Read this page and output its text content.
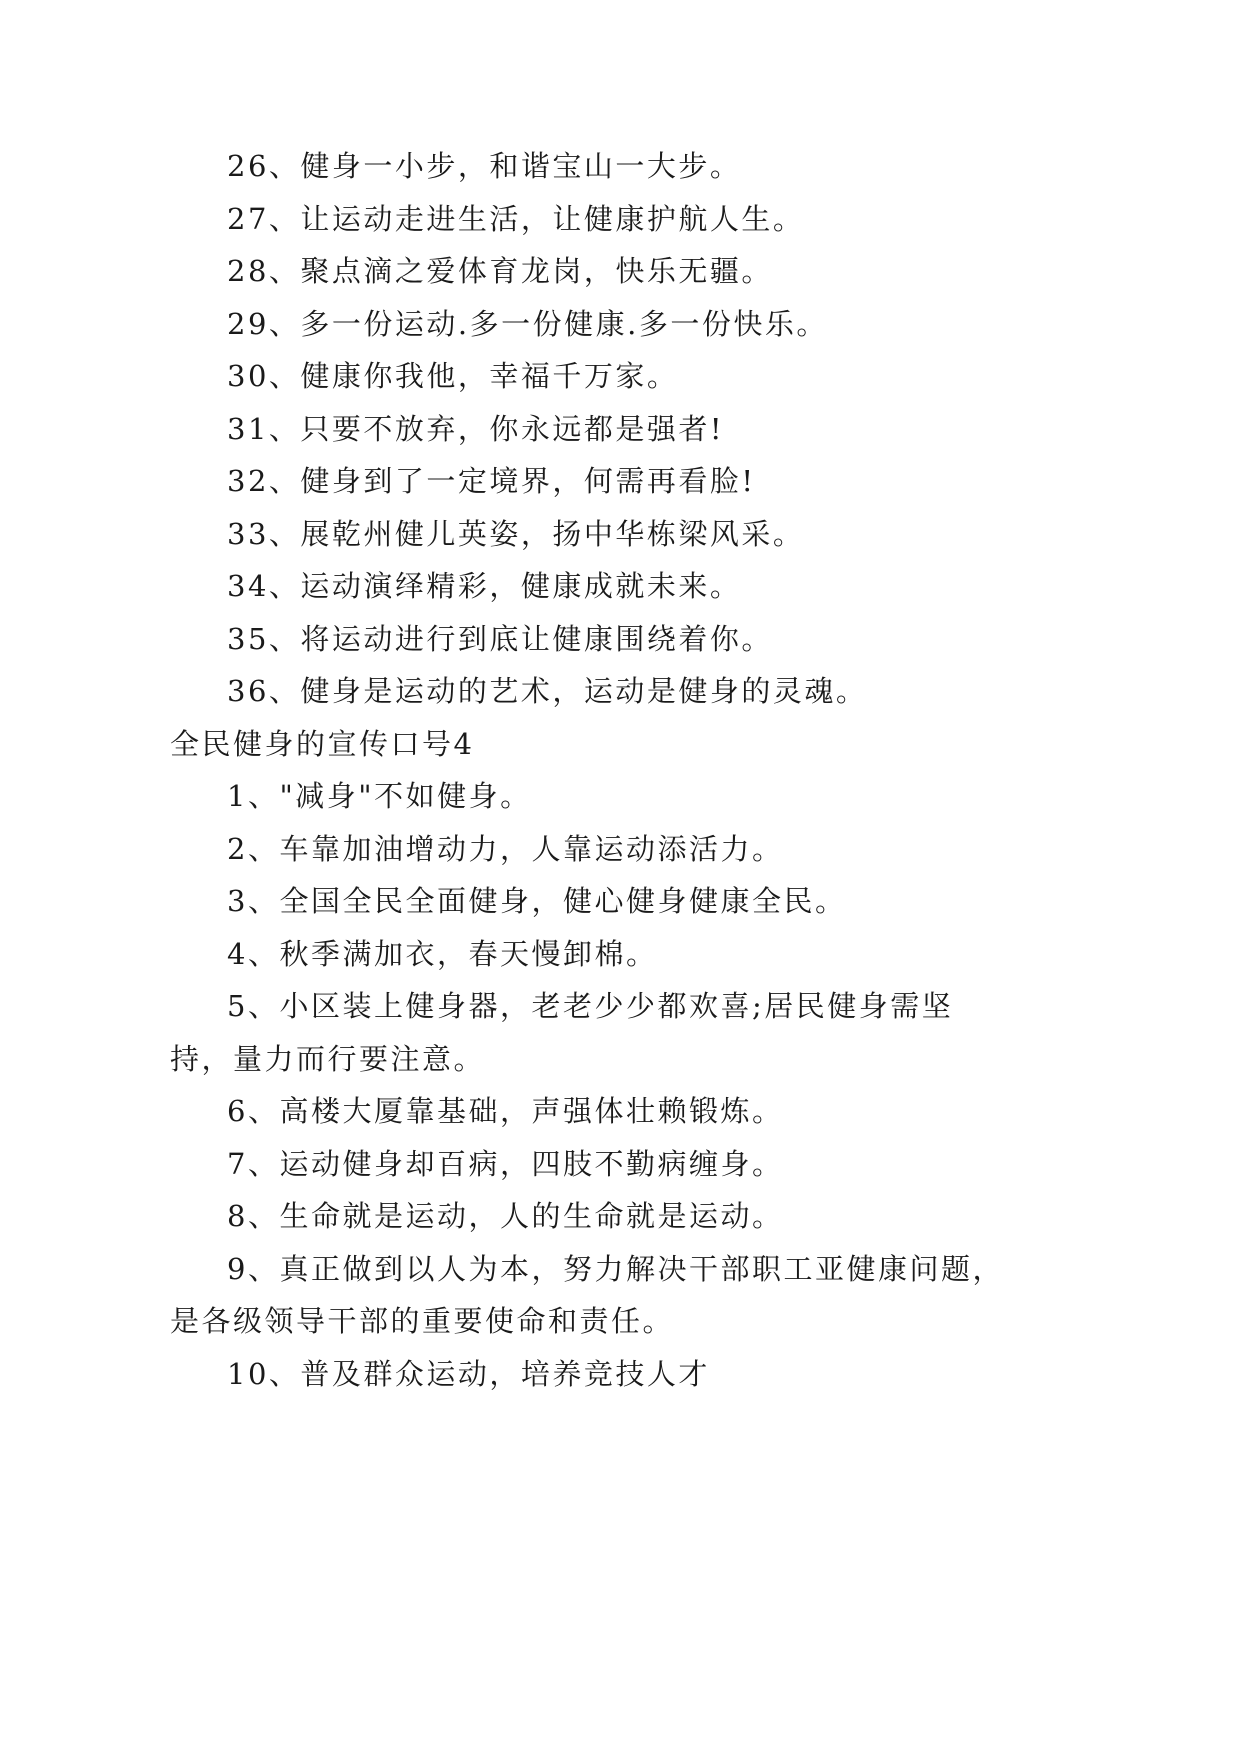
26、健身一小步，和谐宝山一大步。
27、让运动走进生活，让健康护航人生。
28、聚点滴之爱体育龙岗，快乐无疆。
29、多一份运动.多一份健康.多一份快乐。
30、健康你我他，幸福千万家。
31、只要不放弃，你永远都是强者!
32、健身到了一定境界，何需再看脸!
33、展乾州健儿英姿，扬中华栋梁风采。
34、运动演绎精彩，健康成就未来。
35、将运动进行到底让健康围绕着你。
36、健身是运动的艺术，运动是健身的灵魂。
全民健身的宣传口号4
1、"减身"不如健身。
2、车靠加油增动力，人靠运动添活力。
3、全国全民全面健身，健心健身健康全民。
4、秋季满加衣，春天慢卸棉。
5、小区装上健身器，老老少少都欢喜;居民健身需坚
持，量力而行要注意。
6、高楼大厦靠基础，声强体壮赖锻炼。
7、运动健身却百病，四肢不勤病缠身。
8、生命就是运动，人的生命就是运动。
9、真正做到以人为本，努力解决干部职工亚健康问题，
是各级领导干部的重要使命和责任。
10、普及群众运动，培养竞技人才
